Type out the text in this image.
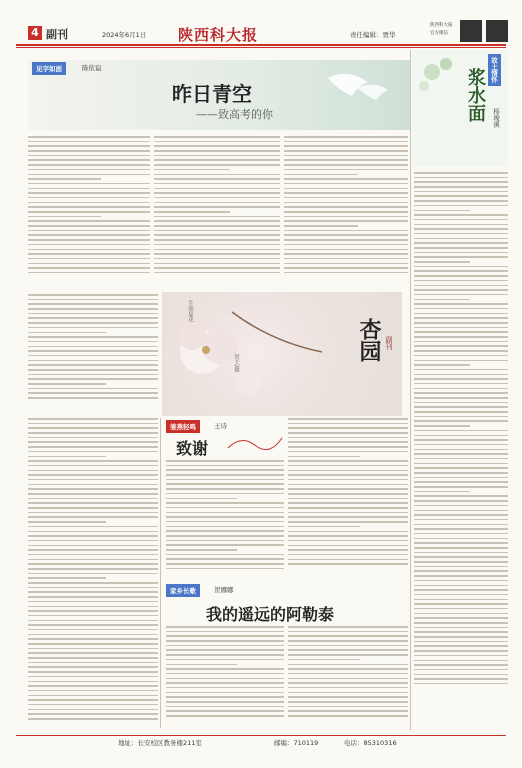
4 副刊	2024年6月1日 陕西科大报	责任编辑：贾华
陕西科大报
官方微信
见字如面	陈依谊
昨日青空
——致高考的你
故土情怀
浆水面 杨竣溪
生如夏花
贺天/摄
杏园 副刊
雏燕轻鸣	王诗
致谢
家乡长歌	贺娜娜
我的遥远的阿勒泰
地址：长安校区教务楼211室	邮编：710119	电话：85310316
